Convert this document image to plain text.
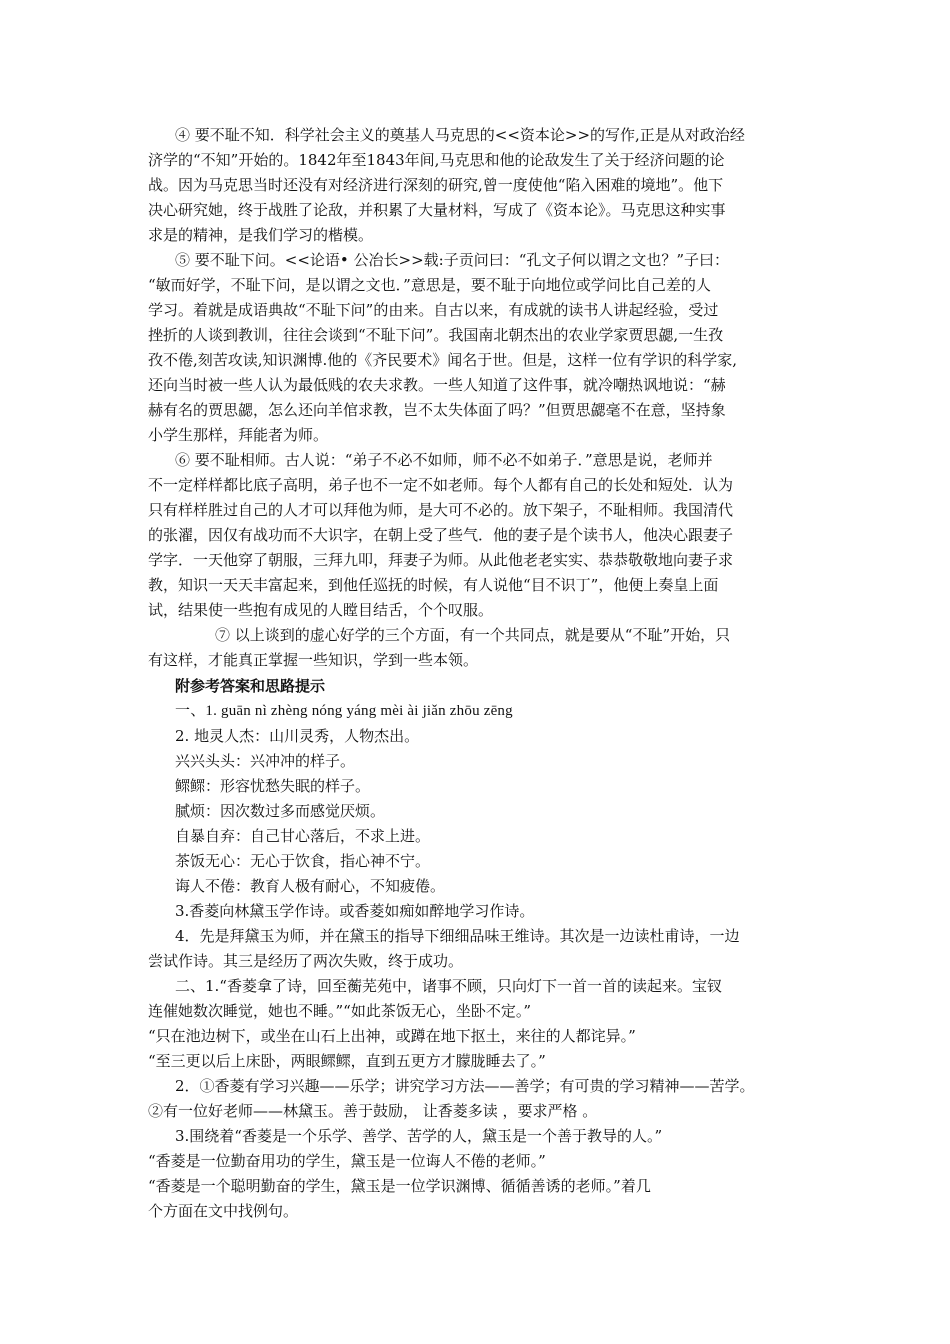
④ 要不耻不知．科学社会主义的奠基人马克思的<<资本论>>的写作,正是从对政治经
济学的“不知”开始的。1842年至1843年间,马克思和他的论敌发生了关于经济问题的论
战。因为马克思当时还没有对经济进行深刻的研究,曾一度使他“陷入困难的境地”。他下
决心研究她，终于战胜了论敌，并积累了大量材料，写成了《资本论》。马克思这种实事
求是的精神，是我们学习的楷模。
⑤ 要不耻下问。<<论语• 公冶长>>载:子贡问曰：“孔文子何以谓之文也？”子曰：
“敏而好学，不耻下问，是以谓之文也．”意思是，要不耻于向地位或学问比自己差的人
学习。着就是成语典故“不耻下问”的由来。自古以来，有成就的读书人讲起经验，受过
挫折的人谈到教训，往往会谈到“不耻下问”。我国南北朝杰出的农业学家贾思勰,一生孜
孜不倦,刻苦攻读,知识渊博.他的《齐民要术》闻名于世。但是，这样一位有学识的科学家,
还向当时被一些人认为最低贱的农夫求教。一些人知道了这件事，就冷嘲热讽地说：“赫
赫有名的贾思勰，怎么还向羊倌求教，岂不太失体面了吗？”但贾思勰毫不在意，坚持象
小学生那样，拜能者为师。
⑥ 要不耻相师。古人说：“弟子不必不如师，师不必不如弟子．”意思是说，老师并
不一定样样都比底子高明，弟子也不一定不如老师。每个人都有自己的长处和短处．认为
只有样样胜过自己的人才可以拜他为师，是大可不必的。放下架子，不耻相师。我国清代
的张濯，因仅有战功而不大识字，在朝上受了些气．他的妻子是个读书人，他决心跟妻子
学字．一天他穿了朝服，三拜九叩，拜妻子为师。从此他老老实实、恭恭敬敬地向妻子求
教，知识一天天丰富起来，到他任巡抚的时候，有人说他“目不识丁”，他便上奏皇上面
试，结果使一些抱有成见的人瞠目结舌，个个叹服。
⑦ 以上谈到的虚心好学的三个方面，有一个共同点，就是要从“不耻”开始，只
有这样，才能真正掌握一些知识，学到一些本领。
附参考答案和思路提示
一、1. guān nì zhèng nóng yáng mèi ài jiǎn zhōu zēng
2. 地灵人杰：山川灵秀，人物杰出。
兴兴头头：兴冲冲的样子。
鳏鳏：形容忧愁失眠的样子。
腻烦：因次数过多而感觉厌烦。
自暴自弃：自己甘心落后，不求上进。
茶饭无心：无心于饮食，指心神不宁。
诲人不倦：教育人极有耐心，不知疲倦。
3.香菱向林黛玉学作诗。或香菱如痴如醉地学习作诗。
4．先是拜黛玉为师，并在黛玉的指导下细细品味王维诗。其次是一边读杜甫诗，一边
尝试作诗。其三是经历了两次失败，终于成功。
二、1.“香菱拿了诗，回至蘅芜苑中，诸事不顾，只向灯下一首一首的读起来。宝钗
连催她数次睡觉，她也不睡。”“如此茶饭无心，坐卧不定。”
“只在池边树下，或坐在山石上出神，或蹲在地下抠土，来往的人都诧异。”
“至三更以后上床卧，两眼鳏鳏，直到五更方才朦胧睡去了。”
2．①香菱有学习兴趣——乐学；讲究学习方法——善学；有可贵的学习精神——苦学。
②有一位好老师——林黛玉。善于鼓励， 让香菱多读 ，要求严格 。
3.围绕着“香菱是一个乐学、善学、苦学的人，黛玉是一个善于教导的人。”
“香菱是一位勤奋用功的学生，黛玉是一位诲人不倦的老师。”
“香菱是一个聪明勤奋的学生，黛玉是一位学识渊博、循循善诱的老师。”着几
个方面在文中找例句。
